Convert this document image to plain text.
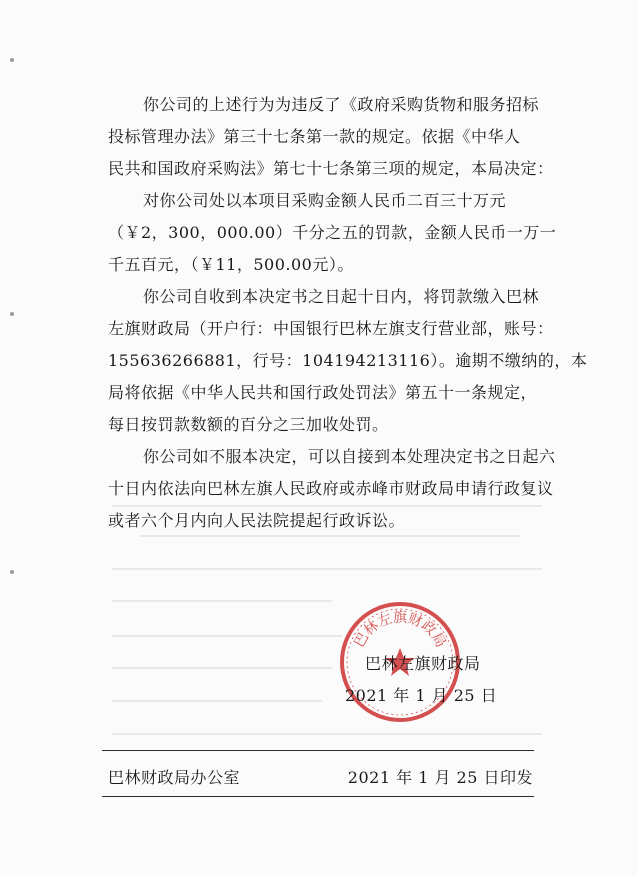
你公司的上述行为为违反了《政府采购货物和服务招标
投标管理办法》第三十七条第一款的规定。依据《中华人
民共和国政府采购法》第七十七条第三项的规定，本局决定：
对你公司处以本项目采购金额人民币二百三十万元
（￥2，300，000.00）千分之五的罚款，金额人民币一万一
千五百元，（￥11，500.00元）。
你公司自收到本决定书之日起十日内，将罚款缴入巴林
左旗财政局（开户行：中国银行巴林左旗支行营业部，账号：
155636266881，行号：104194213116）。逾期不缴纳的，本
局将依据《中华人民共和国行政处罚法》第五十一条规定，
每日按罚款数额的百分之三加收处罚。
你公司如不服本决定，可以自接到本处理决定书之日起六
十日内依法向巴林左旗人民政府或赤峰市财政局申请行政复议
或者六个月内向人民法院提起行政诉讼。
巴林左旗财政局
巴林左旗财政局
2021 年 1 月 25 日
巴林财政局办公室	2021 年 1 月 25 日印发
